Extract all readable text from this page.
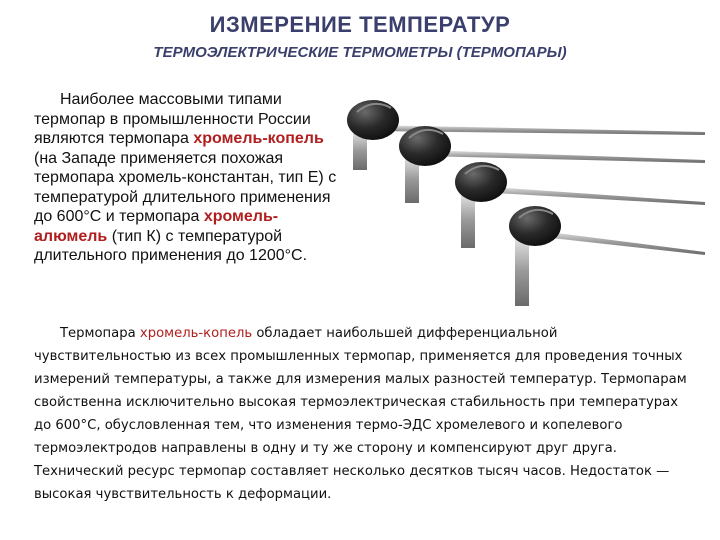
ИЗМЕРЕНИЕ ТЕМПЕРАТУР
ТЕРМОЭЛЕКТРИЧЕСКИЕ ТЕРМОМЕТРЫ (ТЕРМОПАРЫ)

Наиболее массовыми типами термопар в промышленности России являются термопара хромель-копель (на Западе применяется похожая термопара хромель-константан, тип Е) с температурой длительного применения до 600°С и термопара хромель-алюмель (тип К) с температурой длительного применения до 1200°С.

Термопара хромель-копель обладает наибольшей дифференциальной чувствительностью из всех промышленных термопар, применяется для проведения точных измерений температуры, а также для измерения малых разностей температур. Термопарам свойственна исключительно высокая термоэлектрическая стабильность при температурах до 600°С, обусловленная тем, что изменения термо-ЭДС хромелевого и копелевого термоэлектродов направлены в одну и ту же сторону и компенсируют друг друга. Технический ресурс термопар составляет несколько десятков тысяч часов. Недостаток — высокая чувствительность к деформации.
